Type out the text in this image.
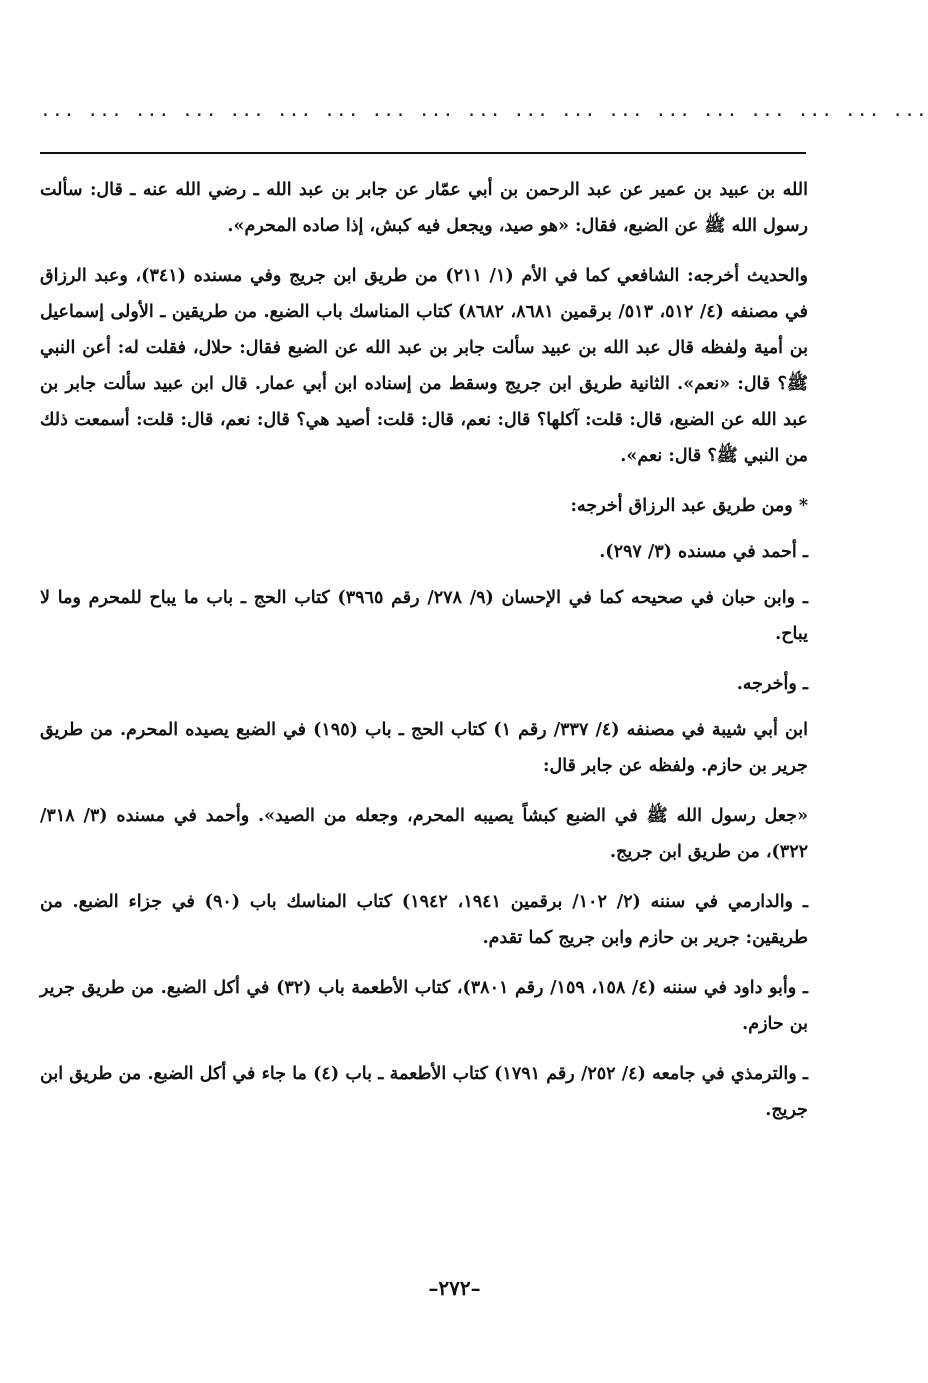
... ... ... ... ... ... ... ... ... ... ... ... ... ... ... ... ... ... ...

الله بن عبيد بن عمير عن عبد الرحمن بن أبي عمّار عن جابر بن عبد الله ـ رضي الله عنه ـ قال: سألت رسول الله ﷺ عن الضبع، فقال: «هو صيد، ويجعل فيه كبش، إذا صاده المحرم».

والحديث أخرجه: الشافعي كما في الأم (١/ ٢١١) من طريق ابن جريج وفي مسنده (٣٤١)، وعبد الرزاق في مصنفه (٤/ ٥١٢، ٥١٣/ برقمين ٨٦٨١، ٨٦٨٢) كتاب المناسك باب الضبع. من طريقين ـ الأولى إسماعيل بن أمية ولفظه قال عبد الله بن عبيد سألت جابر بن عبد الله عن الضبع فقال: حلال، فقلت له: أعن النبي ﷺ؟ قال: «نعم». الثانية طريق ابن جريج وسقط من إسناده ابن أبي عمار. قال ابن عبيد سألت جابر بن عبد الله عن الضبع، قال: قلت: آكلها؟ قال: نعم، قال: قلت: أصيد هي؟ قال: نعم، قال: قلت: أسمعت ذلك من النبي ﷺ؟ قال: نعم».

* ومن طريق عبد الرزاق أخرجه:

ـ أحمد في مسنده (٣/ ٢٩٧).

ـ وابن حبان في صحيحه كما في الإحسان (٩/ ٢٧٨/ رقم ٣٩٦٥) كتاب الحج ـ باب ما يباح للمحرم وما لا يباح.

ـ وأخرجه.

ابن أبي شيبة في مصنفه (٤/ ٣٣٧/ رقم ١) كتاب الحج ـ باب (١٩٥) في الضبع يصيده المحرم. من طريق جرير بن حازم. ولفظه عن جابر قال:

«جعل رسول الله ﷺ في الضبع كبشاً يصيبه المحرم، وجعله من الصيد». وأحمد في مسنده (٣/ ٣١٨/ ٣٢٢)، من طريق ابن جريج.

ـ والدارمي في سننه (٢/ ١٠٢/ برقمين ١٩٤١، ١٩٤٢) كتاب المناسك باب (٩٠) في جزاء الضبع. من طريقين: جرير بن حازم وابن جريج كما تقدم.

ـ وأبو داود في سننه (٤/ ١٥٨، ١٥٩/ رقم ٣٨٠١)، كتاب الأطعمة باب (٣٢) في أكل الضبع. من طريق جرير بن حازم.

ـ والترمذي في جامعه (٤/ ٢٥٢/ رقم ١٧٩١) كتاب الأطعمة ـ باب (٤) ما جاء في أكل الضبع. من طريق ابن جريج.

–٢٧٢–
